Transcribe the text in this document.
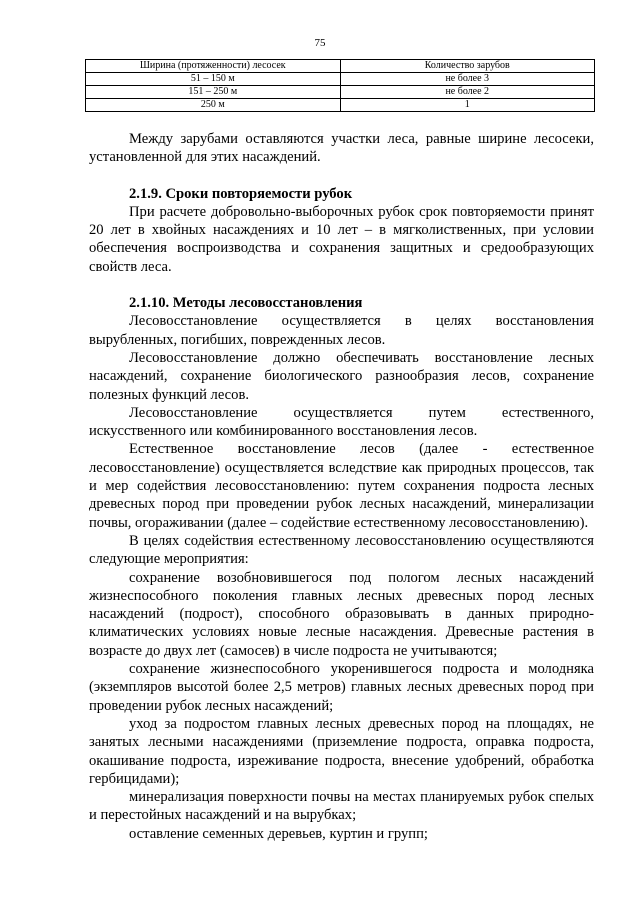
75
Ширина (протяженности) лесосек	Количество зарубов
51 – 150 м	не более 3
151 – 250 м	не более 2
250 м	1

Между зарубами оставляются участки леса, равные ширине лесосеки, установленной для этих насаждений.

2.1.9. Сроки повторяемости рубок

При расчете добровольно-выборочных рубок срок повторяемости принят 20 лет в хвойных насаждениях и 10 лет – в мягколиственных, при условии обеспечения воспроизводства и сохранения защитных и средообразующих свойств леса.

2.1.10. Методы лесовосстановления

Лесовосстановление осуществляется в целях восстановления вырубленных, погибших, поврежденных лесов.

Лесовосстановление должно обеспечивать восстановление лесных насаждений, сохранение биологического разнообразия лесов, сохранение полезных функций лесов.

Лесовосстановление осуществляется путем естественного, искусственного или комбинированного восстановления лесов.

Естественное восстановление лесов (далее - естественное лесовосстановление) осуществляется вследствие как природных процессов, так и мер содействия лесовосстановлению: путем сохранения подроста лесных древесных пород при проведении рубок лесных насаждений, минерализации почвы, огораживании (далее – содействие естественному лесовосстановлению).

В целях содействия естественному лесовосстановлению осуществляются следующие мероприятия:

сохранение возобновившегося под пологом лесных насаждений жизнеспособного поколения главных лесных древесных пород лесных насаждений (подрост), способного образовывать в данных природно-климатических условиях новые лесные насаждения. Древесные растения в возрасте до двух лет (самосев) в числе подроста не учитываются;

сохранение жизнеспособного укоренившегося подроста и молодняка (экземпляров высотой более 2,5 метров) главных лесных древесных пород при проведении рубок лесных насаждений;

уход за подростом главных лесных древесных пород на площадях, не занятых лесными насаждениями (приземление подроста, оправка подроста, окашивание подроста, изреживание подроста, внесение удобрений, обработка гербицидами);

минерализация поверхности почвы на местах планируемых рубок спелых и перестойных насаждений и на вырубках;

оставление семенных деревьев, куртин и групп;
